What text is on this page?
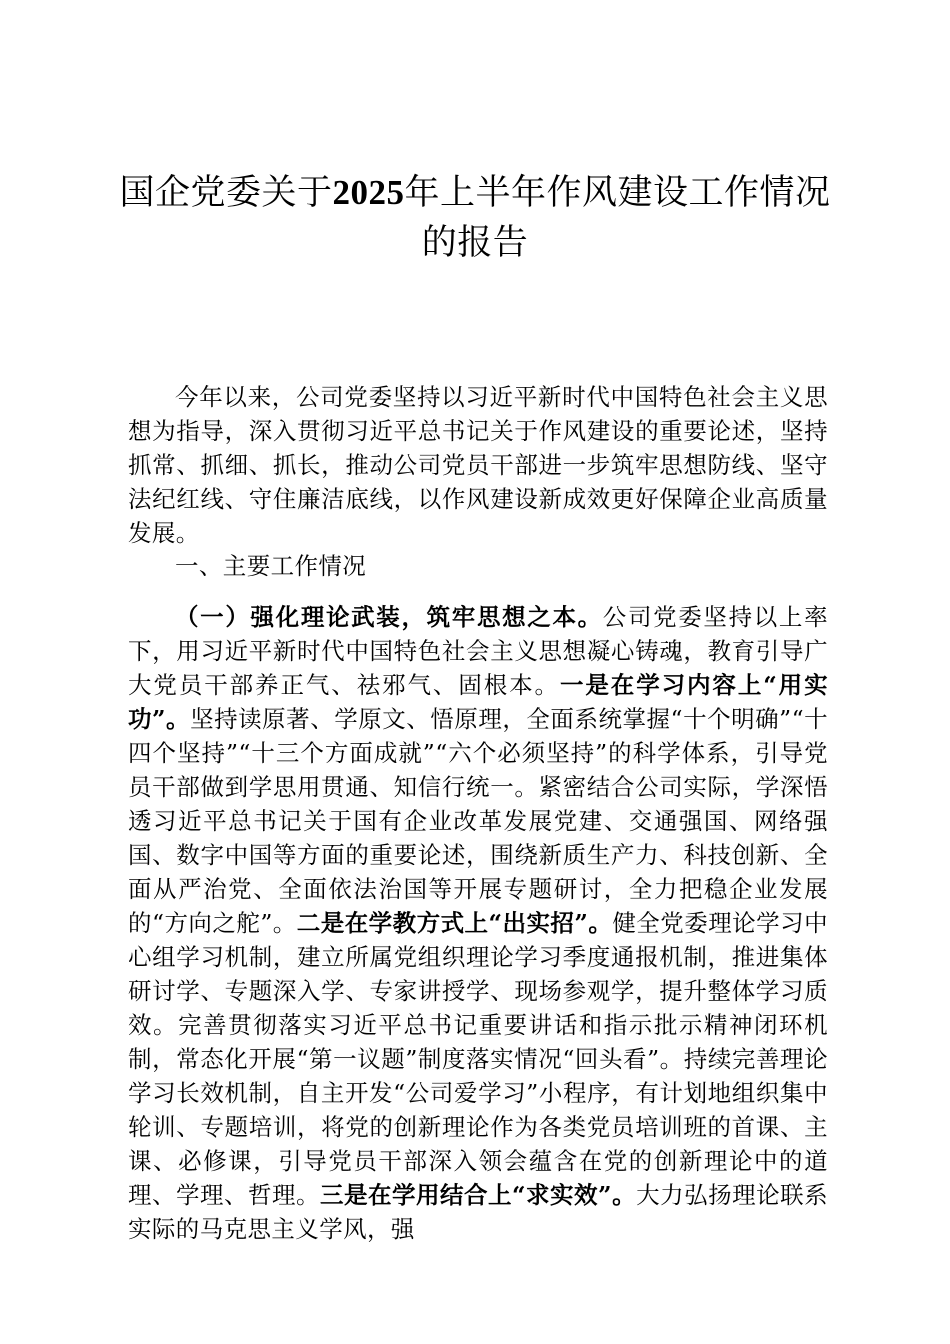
国企党委关于2025年上半年作风建设工作情况的报告

今年以来，公司党委坚持以习近平新时代中国特色社会主义思想为指导，深入贯彻习近平总书记关于作风建设的重要论述，坚持抓常、抓细、抓长，推动公司党员干部进一步筑牢思想防线、坚守法纪红线、守住廉洁底线，以作风建设新成效更好保障企业高质量发展。

一、主要工作情况

（一）强化理论武装，筑牢思想之本。公司党委坚持以上率下，用习近平新时代中国特色社会主义思想凝心铸魂，教育引导广大党员干部养正气、祛邪气、固根本。一是在学习内容上“用实功”。坚持读原著、学原文、悟原理，全面系统掌握“十个明确”“十四个坚持”“十三个方面成就”“六个必须坚持”的科学体系，引导党员干部做到学思用贯通、知信行统一。紧密结合公司实际，学深悟透习近平总书记关于国有企业改革发展党建、交通强国、网络强国、数字中国等方面的重要论述，围绕新质生产力、科技创新、全面从严治党、全面依法治国等开展专题研讨，全力把稳企业发展的“方向之舵”。二是在学教方式上“出实招”。健全党委理论学习中心组学习机制，建立所属党组织理论学习季度通报机制，推进集体研讨学、专题深入学、专家讲授学、现场参观学，提升整体学习质效。完善贯彻落实习近平总书记重要讲话和指示批示精神闭环机制，常态化开展“第一议题”制度落实情况“回头看”。持续完善理论学习长效机制，自主开发“公司爱学习”小程序，有计划地组织集中轮训、专题培训，将党的创新理论作为各类党员培训班的首课、主课、必修课，引导党员干部深入领会蕴含在党的创新理论中的道理、学理、哲理。三是在学用结合上“求实效”。大力弘扬理论联系实际的马克思主义学风，强
